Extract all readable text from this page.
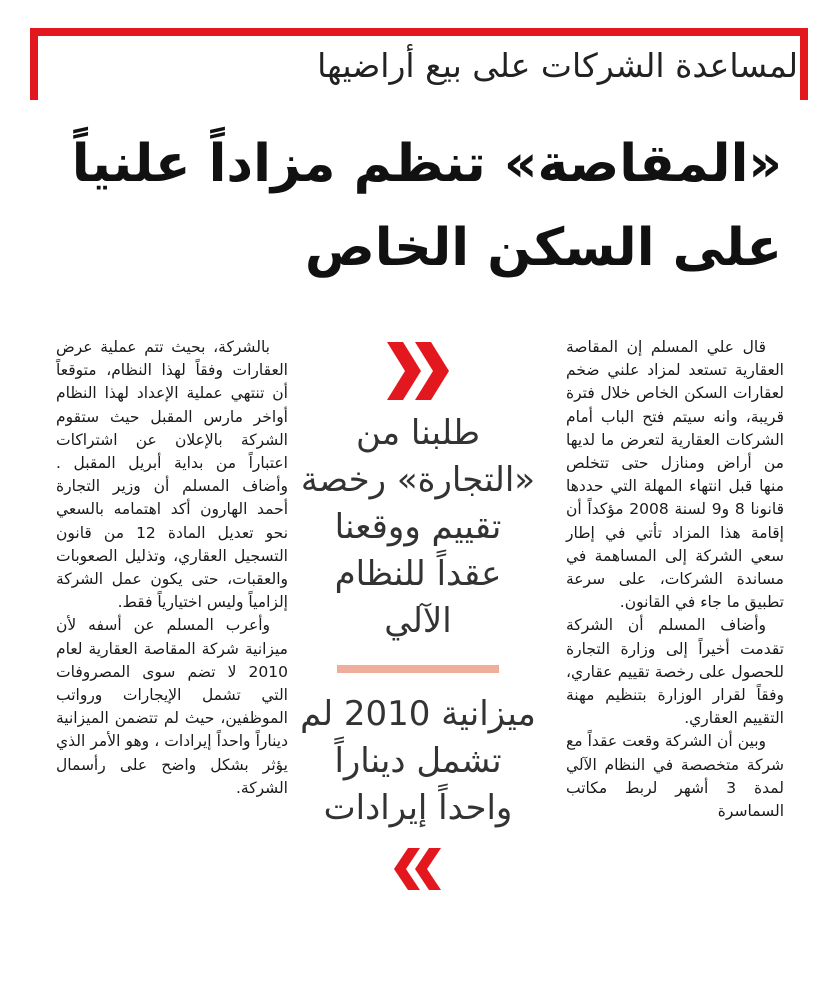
لمساعدة الشركات على بيع أراضيها
«المقاصة» تنظم مزاداً علنياً على السكن الخاص

قال علي المسلم إن المقاصة العقارية تستعد لمزاد علني ضخم لعقارات السكن الخاص خلال فترة قريبة، وانه سيتم فتح الباب أمام الشركات العقارية لتعرض ما لديها من أراض ومنازل حتى تتخلص منها قبل انتهاء المهلة التي حددها قانونا 8 و9 لسنة 2008 مؤكداً أن إقامة هذا المزاد تأتي في إطار سعي الشركة إلى المساهمة في مساندة الشركات، على سرعة تطبيق ما جاء في القانون.

وأضاف المسلم أن الشركة تقدمت أخيراً إلى وزارة التجارة للحصول على رخصة تقييم عقاري، وفقاً لقرار الوزارة بتنظيم مهنة التقييم العقاري.

وبين أن الشركة وقعت عقداً مع شركة متخصصة في النظام الآلي لمدة 3 أشهر لربط مكاتب السماسرة

طلبنا من «التجارة» رخصة تقييم ووقعنا عقداً للنظام الآلي

ميزانية 2010 لم تشمل ديناراً واحداً إيرادات

بالشركة، بحيث تتم عملية عرض العقارات وفقاً لهذا النظام، متوقعاً أن تنتهي عملية الإعداد لهذا النظام أواخر مارس المقبل حيث ستقوم الشركة بالإعلان عن اشتراكات اعتباراً من بداية أبريل المقبل . وأضاف المسلم أن وزير التجارة أحمد الهارون أكد اهتمامه بالسعي نحو تعديل المادة 12 من قانون التسجيل العقاري، وتذليل الصعوبات والعقبات، حتى يكون عمل الشركة إلزامياً وليس اختيارياً فقط.

وأعرب المسلم عن أسفه لأن ميزانية شركة المقاصة العقارية لعام 2010 لا تضم سوى المصروفات التي تشمل الإيجارات ورواتب الموظفين، حيث لم تتضمن الميزانية ديناراً واحداً إيرادات ، وهو الأمر الذي يؤثر بشكل واضح على رأسمال الشركة.
